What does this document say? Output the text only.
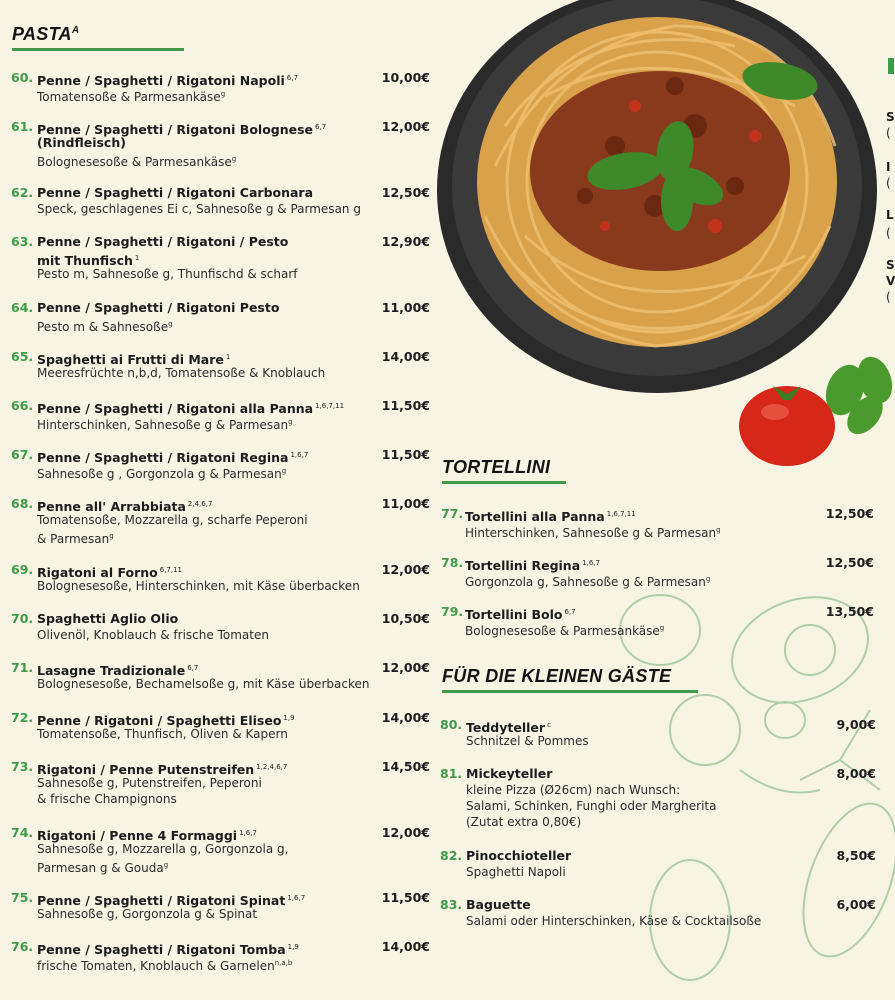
$PASTA^A$
60. Penne / Spaghetti / Rigatoni Napoli $^{6,7}$	10,00€
Tomatensoße & Parmesankäse$^g$
61. Penne / Spaghetti / Rigatoni Bolognese $^{6,7}$	12,00€
(Rindfleisch)
Bolognesesoße & Parmesankäse$^g$
62. Penne / Spaghetti / Rigatoni Carbonara	12,50€
Speck, geschlagenes Ei c, Sahnesoße g & Parmesan g
63. Penne / Spaghetti / Rigatoni / Pesto	12,90€
mit Thunfisch $^1$
Pesto m, Sahnesoße g, Thunfischd & scharf
64. Penne / Spaghetti / Rigatoni Pesto	11,00€
Pesto m & Sahnesoße$^g$
65. Spaghetti ai Frutti di Mare $^1$	14,00€
Meeresfrüchte n,b,d, Tomatensoße & Knoblauch
66. Penne / Spaghetti / Rigatoni alla Panna $^{1,6,7,11}$	11,50€
Hinterschinken, Sahnesoße g & Parmesan$^g$
67. Penne / Spaghetti / Rigatoni Regina $^{1,6,7}$	11,50€
Sahnesoße g , Gorgonzola g & Parmesan$^g$
68. Penne all' Arrabbiata $^{2,4,6,7}$	11,00€
Tomatensoße, Mozzarella g, scharfe Peperoni
& Parmesan$^g$
69. Rigatoni al Forno $^{6,7,11}$	12,00€
Bolognesesoße, Hinterschinken, mit Käse überbacken
70. Spaghetti Aglio Olio	10,50€
Olivenöl, Knoblauch & frische Tomaten
71. Lasagne Tradizionale $^{6,7}$	12,00€
Bolognesesoße, Bechamelsoße g, mit Käse überbacken
72. Penne / Rigatoni / Spaghetti Eliseo $^{1,9}$	14,00€
Tomatensoße, Thunfisch, Oliven & Kapern
73. Rigatoni / Penne Putenstreifen $^{1,2,4,6,7}$	14,50€
Sahnesoße g, Putenstreifen, Peperoni
& frische Champignons
74. Rigatoni / Penne 4 Formaggi $^{1,6,7}$	12,00€
Sahnesoße g, Mozzarella g, Gorgonzola g,
Parmesan g & Gouda$^g$
75. Penne / Spaghetti / Rigatoni Spinat $^{1,6,7}$	11,50€
Sahnesoße g, Gorgonzola g & Spinat
76. Penne / Spaghetti / Rigatoni Tomba $^{1,9}$	14,00€
frische Tomaten, Knoblauch & Garnelen$^{n,a,b}$
S
(
I
(
L
(
S
V
(
TORTELLINI
77. Tortellini alla Panna $^{1,6,7,11}$	12,50€
Hinterschinken, Sahnesoße g & Parmesan$^g$
78. Tortellini Regina $^{1,6,7}$	12,50€
Gorgonzola g, Sahnesoße g & Parmesan$^g$
79. Tortellini Bolo $^{6,7}$	13,50€
Bolognesesoße & Parmesankäse$^g$
FÜR DIE KLEINEN GÄSTE
80. Teddyteller $^c$	9,00€
Schnitzel & Pommes
81. Mickeyteller	8,00€
kleine Pizza (Ø26cm) nach Wunsch:
Salami, Schinken, Funghi oder Margherita
(Zutat extra 0,80€)
82. Pinocchioteller	8,50€
Spaghetti Napoli
83. Baguette	6,00€
Salami oder Hinterschinken, Käse & Cocktailsoße
